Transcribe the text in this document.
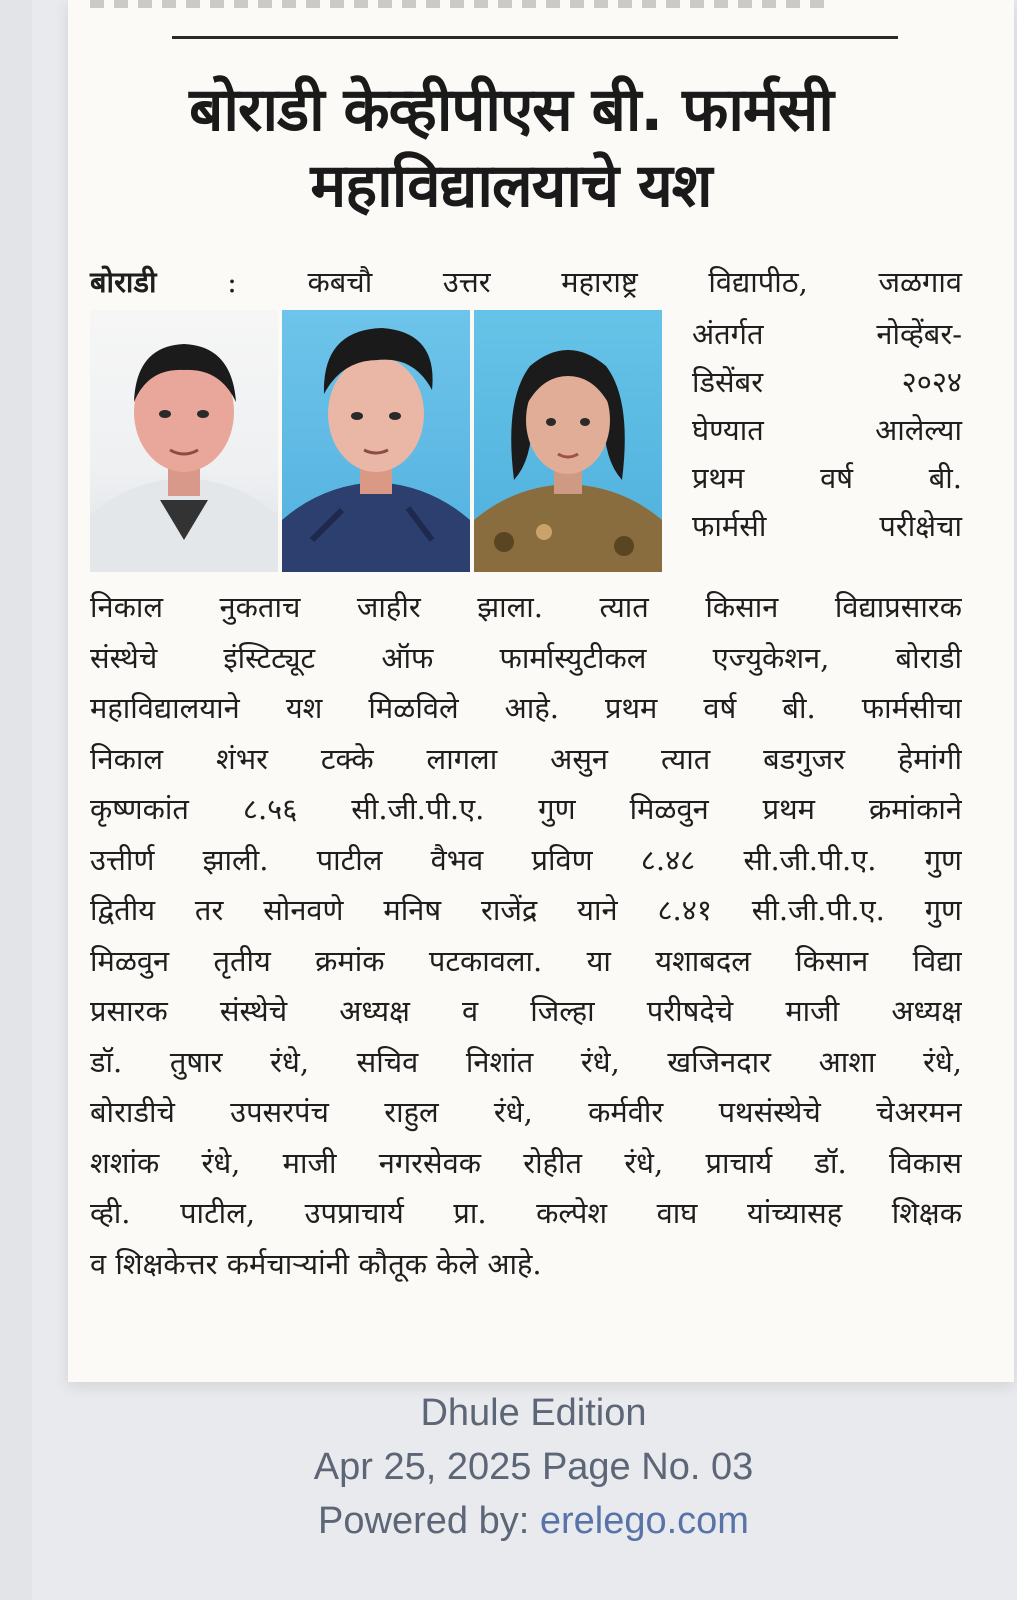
बोराडी केव्हीपीएस बी. फार्मसी
महाविद्यालयाचे यश

बोराडी : कबचौ उत्तर महाराष्ट्र विद्यापीठ, जळगाव

अंतर्गत नोव्हेंबर-
डिसेंबर २०२४
घेण्यात आलेल्या
प्रथम वर्ष बी.
फार्मसी परीक्षेचा

निकाल नुकताच जाहीर झाला. त्यात किसान विद्याप्रसारक
संस्थेचे इंस्टिट्यूट ऑफ फार्मास्युटीकल एज्युकेशन, बोराडी
महाविद्यालयाने यश मिळविले आहे. प्रथम वर्ष बी. फार्मसीचा
निकाल शंभर टक्के लागला असुन त्यात बडगुजर हेमांगी
कृष्णकांत ८.५६ सी.जी.पी.ए. गुण मिळवुन प्रथम क्रमांकाने
उत्तीर्ण झाली. पाटील वैभव प्रविण ८.४८ सी.जी.पी.ए. गुण
द्वितीय तर सोनवणे मनिष राजेंद्र याने ८.४१ सी.जी.पी.ए. गुण
मिळवुन तृतीय क्रमांक पटकावला. या यशाबदल किसान विद्या
प्रसारक संस्थेचे अध्यक्ष व जिल्हा परीषदेचे माजी अध्यक्ष
डॉ. तुषार रंधे, सचिव निशांत रंधे, खजिनदार आशा रंधे,
बोराडीचे उपसरपंच राहुल रंधे, कर्मवीर पथसंस्थेचे चेअरमन
शशांक रंधे, माजी नगरसेवक रोहीत रंधे, प्राचार्य डॉ. विकास
व्ही. पाटील, उपप्राचार्य प्रा. कल्पेश वाघ यांच्यासह शिक्षक
व शिक्षकेत्तर कर्मचाऱ्यांनी कौतूक केले आहे.

Dhule Edition
Apr 25, 2025 Page No. 03
Powered by: erelego.com
